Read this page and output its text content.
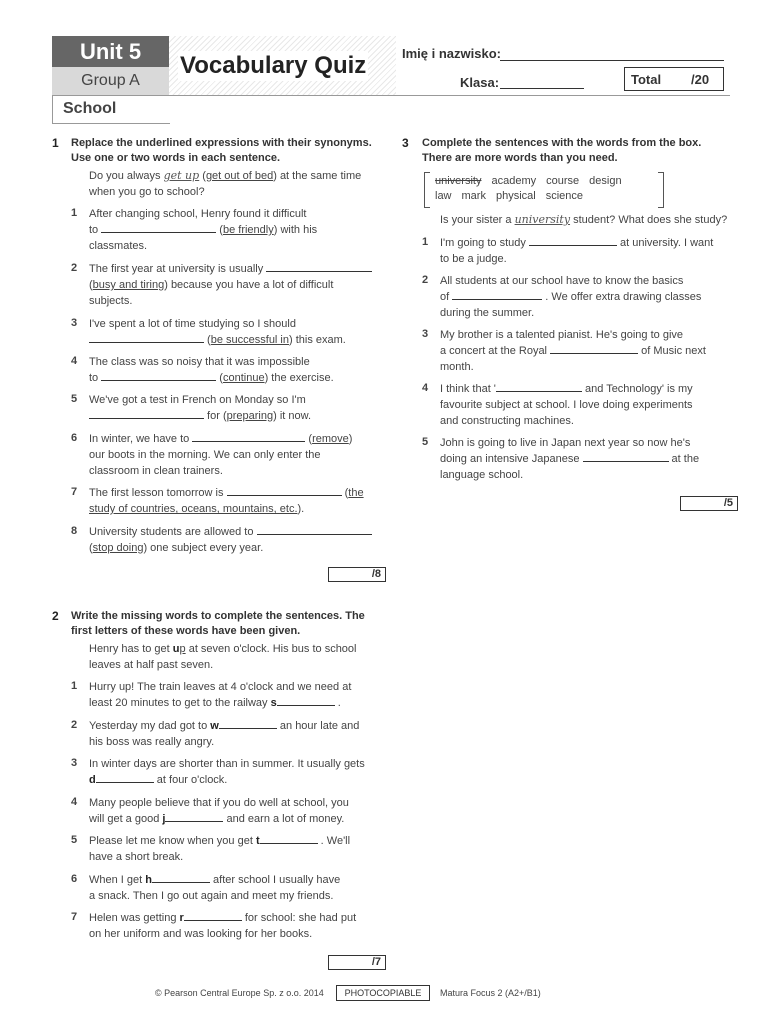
Unit 5
Group A
Vocabulary Quiz
School
Imię i nazwisko:
Klasa:	Total /20
1 Replace the underlined expressions with their synonyms.
Use one or two words in each sentence.
Do you always get up (get out of bed) at the same time
when you go to school?
1 After changing school, Henry found it difficult
to	(be friendly) with his
classmates.
2 The first year at university is usually
(busy and tiring) because you have a lot of difficult
subjects.
3 I've spent a lot of time studying so I should
(be successful in) this exam.
4 The class was so noisy that it was impossible
to	(continue) the exercise.
5 We've got a test in French on Monday so I'm
for (preparing) it now.
6 In winter, we have to	(remove)
our boots in the morning. We can only enter the
classroom in clean trainers.
7 The first lesson tomorrow is	(the
study of countries, oceans, mountains, etc.).
8 University students are allowed to
(stop doing) one subject every year.
/8
2 Write the missing words to complete the sentences. The
first letters of these words have been given.
Henry has to get up at seven o'clock. His bus to school
leaves at half past seven.
1 Hurry up! The train leaves at 4 o'clock and we need at
least 20 minutes to get to the railway s	.
2 Yesterday my dad got to w	an hour late and
his boss was really angry.
3 In winter days are shorter than in summer. It usually gets
d	at four o'clock.
4 Many people believe that if you do well at school, you
will get a good j	and earn a lot of money.
5 Please let me know when you get t	. We'll
have a short break.
6 When I get h	after school I usually have
a snack. Then I go out again and meet my friends.
7 Helen was getting r	for school: she had put
on her uniform and was looking for her books.
/7
3 Complete the sentences with the words from the box.
There are more words than you need.
university academy course design
law mark physical science
Is your sister a university student? What does she study?
1 I'm going to study	at university. I want
to be a judge.
2 All students at our school have to know the basics
of	. We offer extra drawing classes
during the summer.
3 My brother is a talented pianist. He's going to give
a concert at the Royal	of Music next
month.
4 I think that '	and Technology' is my
favourite subject at school. I love doing experiments
and constructing machines.
5 John is going to live in Japan next year so now he's
doing an intensive Japanese	at the
language school.
/5
© Pearson Central Europe Sp. z o.o. 2014	PHOTOCOPIABLE	Matura Focus 2 (A2+/B1)
